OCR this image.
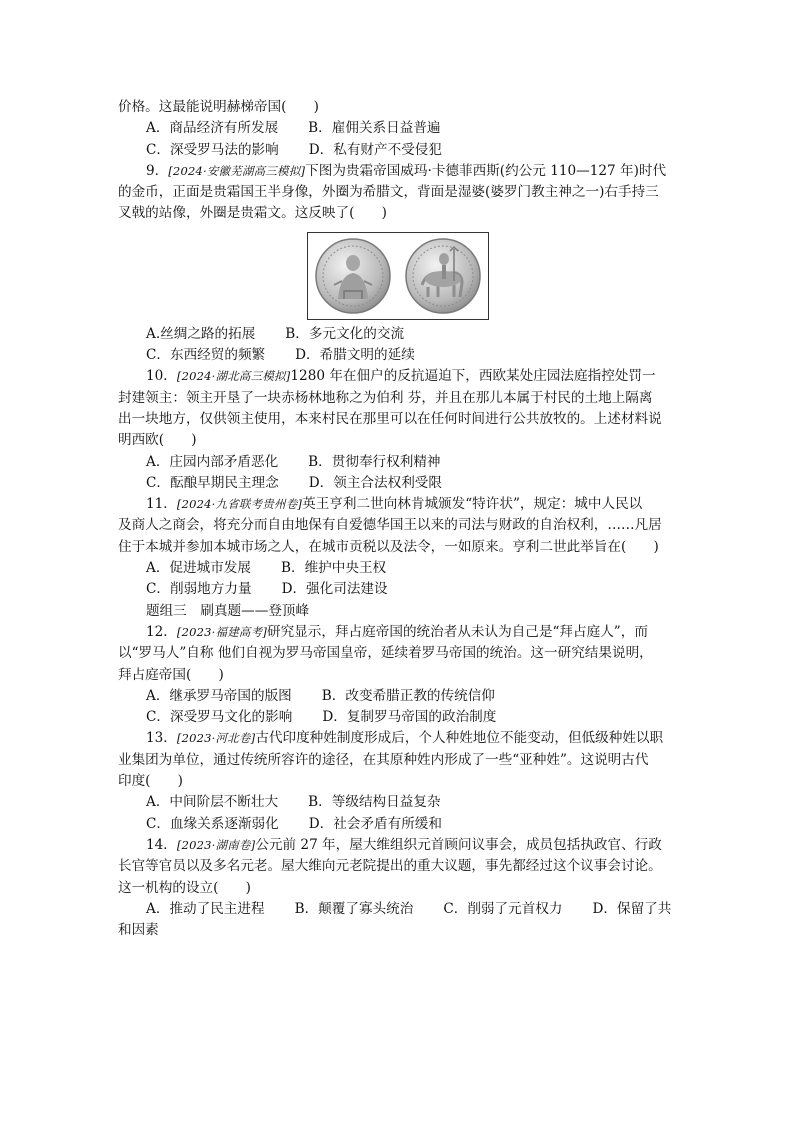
价格。这最能说明赫梯帝国(　　)
A．商品经济有所发展	B．雇佣关系日益普遍
C．深受罗马法的影响	D．私有财产不受侵犯
9．[2024·安徽芜湖高三模拟]下图为贵霜帝国威玛·卡德菲西斯(约公元 110—127 年)时代
的金币，正面是贵霜国王半身像，外圈为希腊文，背面是湿婆(婆罗门教主神之一)右手持三
叉戟的站像，外圈是贵霜文。这反映了(　　)
A.丝绸之路的拓展	B．多元文化的交流
C．东西经贸的频繁	D．希腊文明的延续
10．[2024·湖北高三模拟]1280 年在佃户的反抗逼迫下，西欧某处庄园法庭指控处罚一
封建领主：领主开垦了一块赤杨林地称之为伯利 芬，并且在那儿本属于村民的土地上隔离
出一块地方，仅供领主使用，本来村民在那里可以在任何时间进行公共放牧的。上述材料说
明西欧(　　)
A．庄园内部矛盾恶化	B．贯彻奉行权利精神
C．酝酿早期民主理念	D．领主合法权利受限
11．[2024·九省联考贵州卷]英王亨利二世向林肯城颁发“特许状”，规定：城中人民以
及商人之商会，将充分而自由地保有自爱德华国王以来的司法与财政的自治权利，……凡居
住于本城并参加本城市场之人，在城市贡税以及法令，一如原来。亨利二世此举旨在(　　)
A．促进城市发展	B．维护中央王权
C．削弱地方力量	D．强化司法建设
题组三　刷真题——登顶峰
12．[2023·福建高考]研究显示，拜占庭帝国的统治者从未认为自己是“拜占庭人”，而
以“罗马人”自称 他们自视为罗马帝国皇帝，延续着罗马帝国的统治。这一研究结果说明，
拜占庭帝国(　　)
A．继承罗马帝国的版图	B．改变希腊正教的传统信仰
C．深受罗马文化的影响	D．复制罗马帝国的政治制度
13．[2023·河北卷]古代印度种姓制度形成后，个人种姓地位不能变动，但低级种姓以职
业集团为单位，通过传统所容许的途径，在其原种姓内形成了一些“亚种姓”。这说明古代
印度(　　)
A．中间阶层不断壮大	B．等级结构日益复杂
C．血缘关系逐渐弱化	D．社会矛盾有所缓和
14．[2023·湖南卷]公元前 27 年，屋大维组织元首顾问议事会，成员包括执政官、行政
长官等官员以及多名元老。屋大维向元老院提出的重大议题，事先都经过这个议事会讨论。
这一机构的设立(　　)
A．推动了民主进程	B．颠覆了寡头统治	C．削弱了元首权力	D．保留了共
和因素
